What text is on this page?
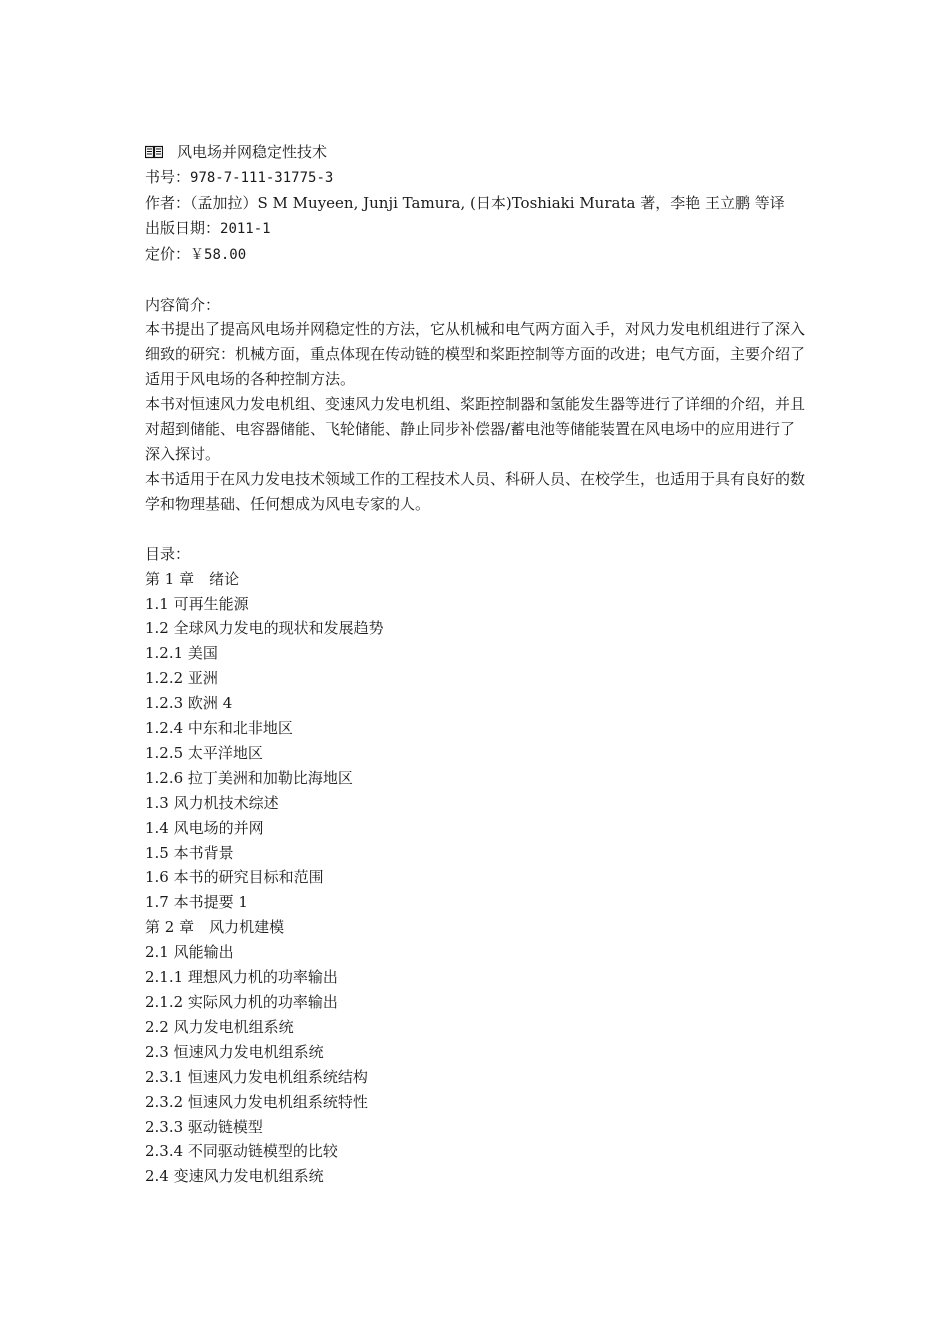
风电场并网稳定性技术
书号：978-7-111-31775-3
作者：（孟加拉）S M Muyeen, Junji Tamura, (日本)Toshiaki Murata 著，李艳 王立鹏 等译
出版日期：2011-1
定价：￥58.00
内容简介：
本书提出了提高风电场并网稳定性的方法，它从机械和电气两方面入手，对风力发电机组进行了深入细致的研究：机械方面，重点体现在传动链的模型和桨距控制等方面的改进；电气方面，主要介绍了适用于风电场的各种控制方法。
本书对恒速风力发电机组、变速风力发电机组、桨距控制器和氢能发生器等进行了详细的介绍，并且对超到储能、电容器储能、飞轮储能、静止同步补偿器/蓄电池等储能装置在风电场中的应用进行了深入探讨。
本书适用于在风力发电技术领域工作的工程技术人员、科研人员、在校学生，也适用于具有良好的数学和物理基础、任何想成为风电专家的人。
目录：
第 1 章　绪论
1.1 可再生能源
1.2 全球风力发电的现状和发展趋势
1.2.1 美国
1.2.2 亚洲
1.2.3 欧洲 4
1.2.4 中东和北非地区
1.2.5 太平洋地区
1.2.6 拉丁美洲和加勒比海地区
1.3 风力机技术综述
1.4 风电场的并网
1.5 本书背景
1.6 本书的研究目标和范围
1.7 本书提要 1
第 2 章　风力机建模
2.1 风能输出
2.1.1 理想风力机的功率输出
2.1.2 实际风力机的功率输出
2.2 风力发电机组系统
2.3 恒速风力发电机组系统
2.3.1 恒速风力发电机组系统结构
2.3.2 恒速风力发电机组系统特性
2.3.3 驱动链模型
2.3.4 不同驱动链模型的比较
2.4 变速风力发电机组系统
